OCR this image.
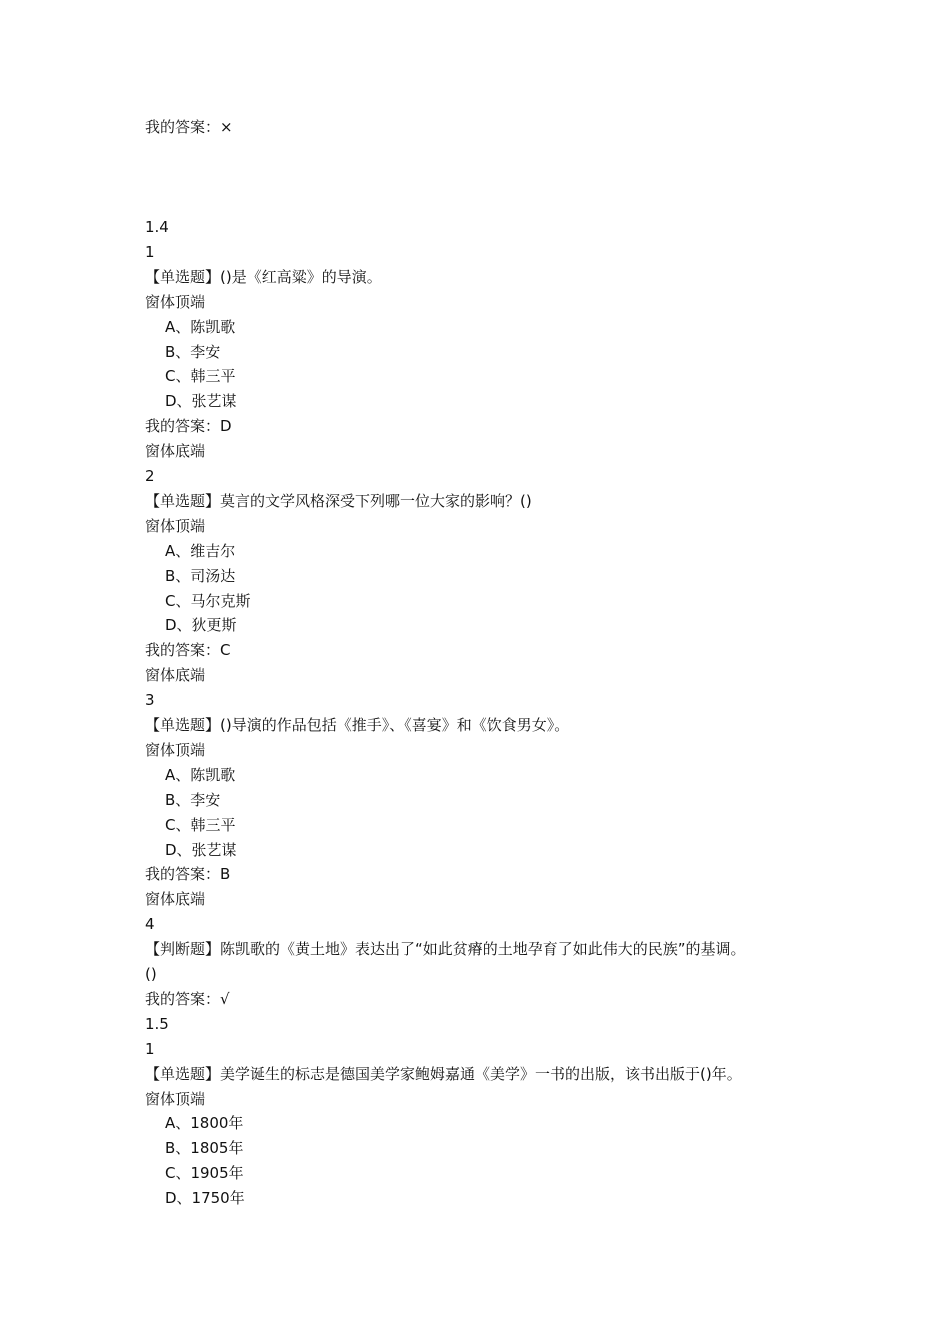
我的答案：×
1.4
1
【单选题】()是《红高粱》的导演。
窗体顶端
A、陈凯歌
B、李安
C、韩三平
D、张艺谋
我的答案：D
窗体底端
2
【单选题】莫言的文学风格深受下列哪一位大家的影响？()
窗体顶端
A、维吉尔
B、司汤达
C、马尔克斯
D、狄更斯
我的答案：C
窗体底端
3
【单选题】()导演的作品包括《推手》、《喜宴》和《饮食男女》。
窗体顶端
A、陈凯歌
B、李安
C、韩三平
D、张艺谋
我的答案：B
窗体底端
4
【判断题】陈凯歌的《黄土地》表达出了“如此贫瘠的土地孕育了如此伟大的民族”的基调。
()
我的答案：√
1.5
1
【单选题】美学诞生的标志是德国美学家鲍姆嘉通《美学》一书的出版，该书出版于()年。
窗体顶端
A、1800年
B、1805年
C、1905年
D、1750年
